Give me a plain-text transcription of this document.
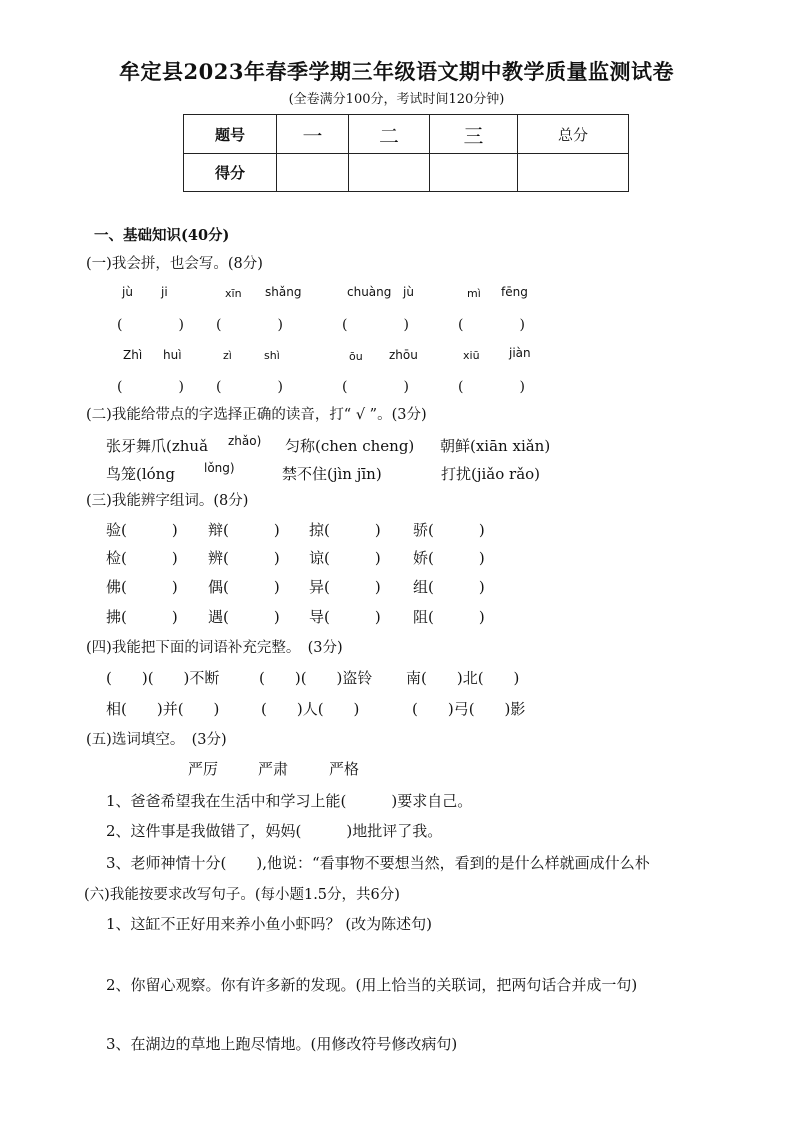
牟定县2023年春季学期三年级语文期中教学质量监测试卷
(全卷满分100分，考试时间120分钟)
题号	一	二	三	总分
得分				
一、基础知识(40分)
(一)我会拼，也会写。(8分)
jù ji	xīn shǎng	chuàng jù	mì fēng
(　　　　) (　　　　)	(　　　　)	(　　　　)
Zhì huì	zì	shì	ōu zhōu	xiū jiàn
(　　　　) (　　　　)	(　　　　)	(　　　　)
(二)我能给带点的字选择正确的读音，打“ √ ”。(3分)
张牙舞爪(zhuǎ zhǎo) 匀称(chen cheng) 朝鲜(xiān xiǎn)
鸟笼(lóng lǒng)	禁不住(jìn jīn)	打扰(jiǎo rǎo)
(三)我能辨字组词。(8分)
验(　　　) 辩(　　　) 掠(　　　) 骄(　　　)
检(　　　) 辨(　　　) 谅(　　　) 娇(　　　)
佛(　　　) 偶(　　　) 异(　　　) 组(　　　)
拂(　　　) 遇(　　　) 导(　　　) 阻(　　　)
(四)我能把下面的词语补充完整。　(3分)
(　　)(　　)不断	(　　)(　　)盗铃 南(　　)北(　　)
相(　　)并(　　)	(　　)人(　　)	(　　)弓(　　)影
(五)选词填空。　(3分)
严厉	严肃	严格
1、爸爸希望我在生活中和学习上能(　　　)要求自己。
2、这件事是我做错了，妈妈(　　　)地批评了我。
3、老师神情十分(　　),他说：“看事物不要想当然，看到的是什么样就画成什么朴
(六)我能按要求改写句子。(每小题1.5分，共6分)
1、这缸不正好用来养小鱼小虾吗？ (改为陈述句)
2、你留心观察。你有许多新的发现。(用上恰当的关联词，把两句话合并成一句)
3、在湖边的草地上跑尽情地。(用修改符号修改病句)
